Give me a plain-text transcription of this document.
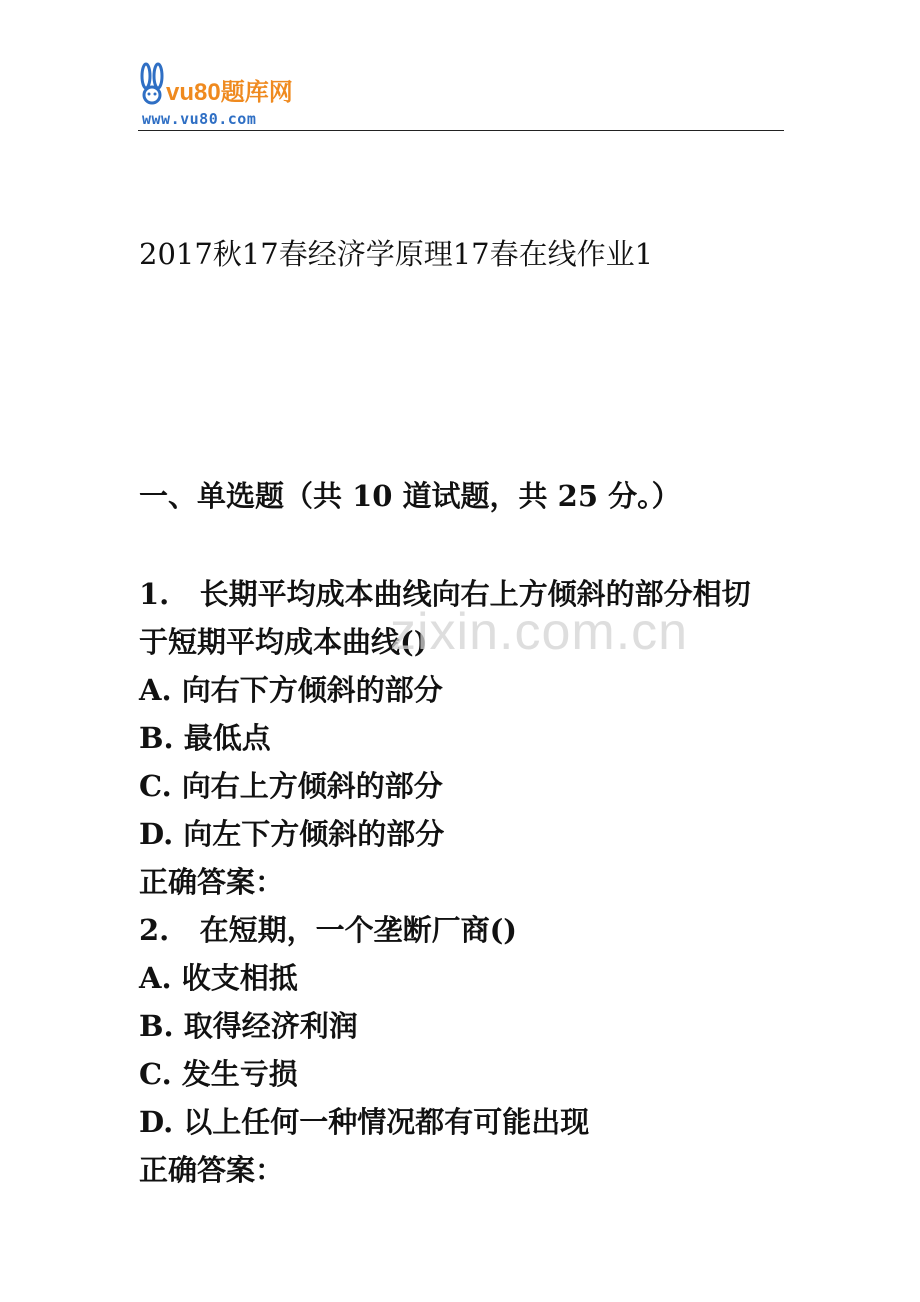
vu80题库网
www.vu80.com
2017秋17春经济学原理17春在线作业1
一、单选题（共 10 道试题，共 25 分。）
1.   长期平均成本曲线向右上方倾斜的部分相切
于短期平均成本曲线()
A. 向右下方倾斜的部分
B. 最低点
C. 向右上方倾斜的部分
D. 向左下方倾斜的部分
正确答案：
2.   在短期，一个垄断厂商()
A. 收支相抵
B. 取得经济利润
C. 发生亏损
D. 以上任何一种情况都有可能出现
正确答案：
zixin.com.cn
